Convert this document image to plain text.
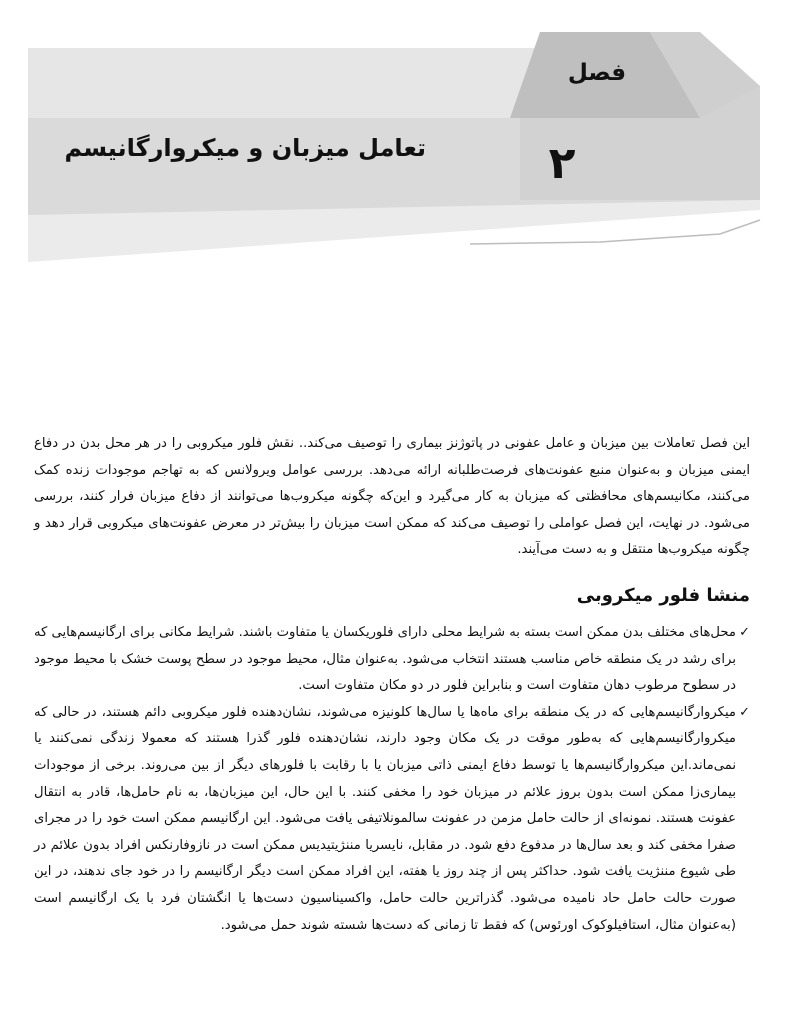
فصل
۲
تعامل میزبان و میکروارگانیسم

این فصل تعاملات بین میزبان و عامل عفونی در پاتوژنز بیماری را توصیف می‌کند.. نقش فلور میکروبی را در هر محل بدن در دفاع ایمنی میزبان و به‌عنوان منبع عفونت‌های فرصت‌طلبانه ارائه می‌دهد. بررسی عوامل ویرولانس که به تهاجم موجودات زنده کمک می‌کنند، مکانیسم‌های محافظتی که میزبان به کار می‌گیرد و این‌که چگونه میکروب‌ها می‌توانند از دفاع میزبان فرار کنند، بررسی می‌شود. در نهایت، این فصل عواملی را توصیف می‌کند که ممکن است میزبان را بیش‌تر در معرض عفونت‌های میکروبی قرار دهد و چگونه میکروب‌ها منتقل و به دست می‌آیند.

منشا فلور میکروبی
✓
محل‌های مختلف بدن ممکن است بسته به شرایط محلی دارای فلوریکسان یا متفاوت باشند. شرایط مکانی برای ارگانیسم‌هایی که برای رشد در یک منطقه خاص مناسب هستند انتخاب می‌شود. به‌عنوان مثال، محیط موجود در سطح پوست خشک با محیط موجود در سطوح مرطوب دهان متفاوت است و بنابراین فلور در دو مکان متفاوت است.
✓
میکروارگانیسم‌هایی که در یک منطقه برای ماه‌ها یا سال‌ها کلونیزه می‌شوند، نشان‌دهنده فلور میکروبی دائم هستند، در حالی که میکروارگانیسم‌هایی که به‌طور موقت در یک مکان وجود دارند، نشان‌دهنده فلور گذرا هستند که معمولا زندگی نمی‌کنند یا نمی‌ماند.این میکروارگانیسم‌ها یا توسط دفاع ایمنی ذاتی میزبان یا با رقابت با فلورهای دیگر از بین می‌روند. برخی از موجودات بیماری‌زا ممکن است بدون بروز علائم در میزبان خود را مخفی کنند. با این حال، این میزبان‌ها، به نام حامل‌ها، قادر به انتقال عفونت هستند. نمونه‌ای از حالت حامل مزمن در عفونت سالمونلاتیفی یافت می‌شود. این ارگانیسم ممکن است خود را در مجرای صفرا مخفی کند و بعد سال‌ها در مدفوع دفع شود. در مقابل، نایسریا مننژیتیدیس ممکن است در نازوفارنکس افراد بدون علائم در طی شیوع مننژیت یافت شود. حداکثر پس از چند روز یا هفته، این افراد ممکن است دیگر ارگانیسم را در خود جای ندهند، در این صورت حالت حامل حاد نامیده می‌شود. گذراترین حالت حامل، واکسیناسیون دست‌ها یا انگشتان فرد با یک ارگانیسم است (به‌عنوان مثال، استافیلوکوک اورئوس) که فقط تا زمانی که دست‌ها شسته شوند حمل می‌شود.
